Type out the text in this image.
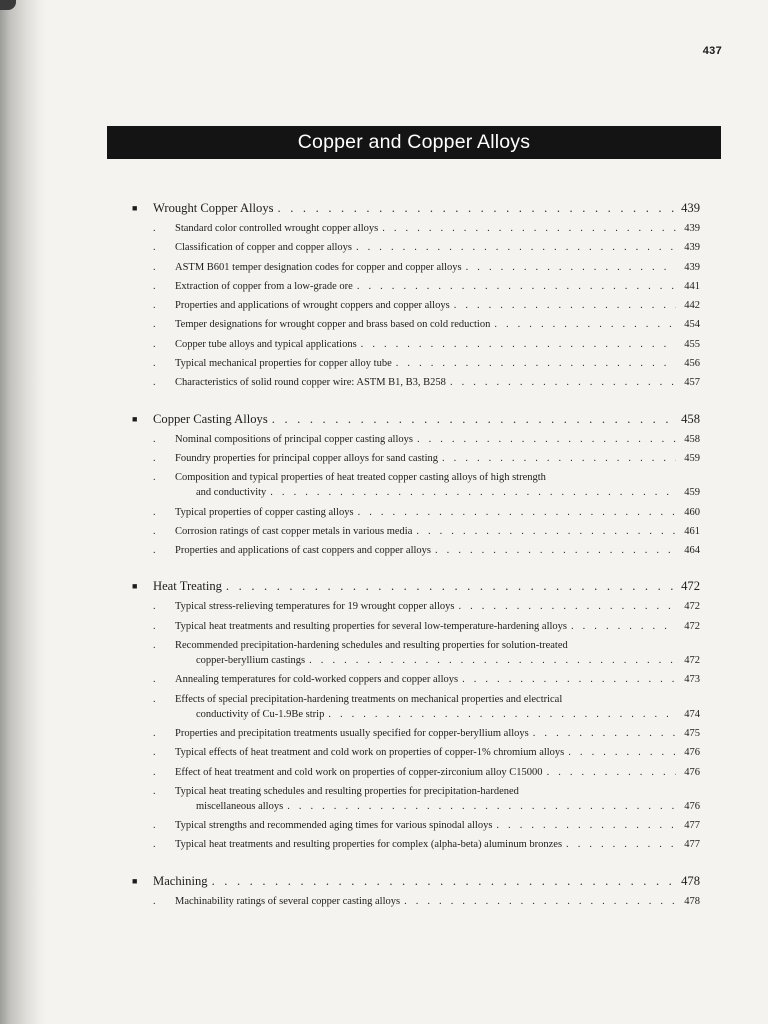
437
Copper and Copper Alloys
■	Wrought Copper Alloys . . .	439
.	Standard color controlled wrought copper alloys . . .	439
.	Classification of copper and copper alloys . . .	439
.	ASTM B601 temper designation codes for copper and copper alloys . . .	439
.	Extraction of copper from a low-grade ore . . .	441
.	Properties and applications of wrought coppers and copper alloys . . .	442
.	Temper designations for wrought copper and brass based on cold reduction . . .	454
.	Copper tube alloys and typical applications . . .	455
.	Typical mechanical properties for copper alloy tube . . .	456
.	Characteristics of solid round copper wire: ASTM B1, B3, B258 . . .	457
■	Copper Casting Alloys . . .	458
.	Nominal compositions of principal copper casting alloys . . .	458
.	Foundry properties for principal copper alloys for sand casting . . .	459
.	Composition and typical properties of heat treated copper casting alloys of high strength
and conductivity . . .	459
.	Typical properties of copper casting alloys . . .	460
.	Corrosion ratings of cast copper metals in various media . . .	461
.	Properties and applications of cast coppers and copper alloys . . .	464
■	Heat Treating . . .	472
.	Typical stress-relieving temperatures for 19 wrought copper alloys . . .	472
.	Typical heat treatments and resulting properties for several low-temperature-hardening alloys . . .	472
.	Recommended precipitation-hardening schedules and resulting properties for solution-treated
copper-beryllium castings . . .	472
.	Annealing temperatures for cold-worked coppers and copper alloys . . .	473
.	Effects of special precipitation-hardening treatments on mechanical properties and electrical
conductivity of Cu-1.9Be strip . . .	474
.	Properties and precipitation treatments usually specified for copper-beryllium alloys . . .	475
.	Typical effects of heat treatment and cold work on properties of copper-1% chromium alloys . . .	476
.	Effect of heat treatment and cold work on properties of copper-zirconium alloy C15000 . . .	476
.	Typical heat treating schedules and resulting properties for precipitation-hardened
miscellaneous alloys . . .	476
.	Typical strengths and recommended aging times for various spinodal alloys . . .	477
.	Typical heat treatments and resulting properties for complex (alpha-beta) aluminum bronzes . . .	477
■	Machining . . .	478
.	Machinability ratings of several copper casting alloys . . .	478
